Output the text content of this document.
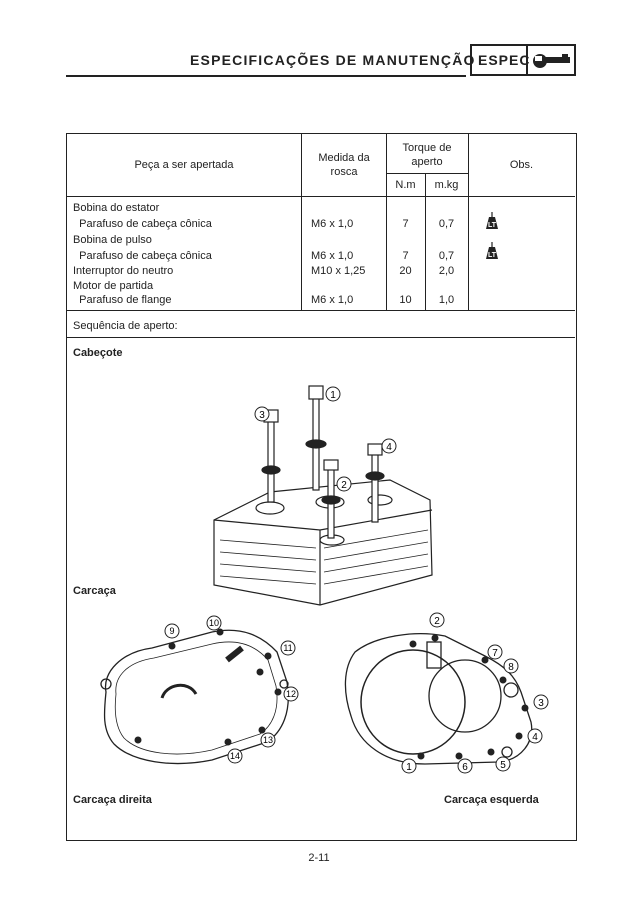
ESPECIFICAÇÕES DE MANUTENÇÃO ESPEC
Peça a ser apertada
Medida da rosca
Torque de aperto
N.m	m.kg
Obs.
Bobina do estator
Parafuso de cabeça cônica	M6 x 1,0	7	0,7	LT
Bobina de pulso
Parafuso de cabeça cônica	M6 x 1,0	7	0,7	LT
Interruptor do neutro	M10 x 1,25	20	2,0
Motor de partida
Parafuso de flange	M6 x 1,0	10	1,0
Sequência de aperto:
Cabeçote
Carcaça
Carcaça direita	Carcaça esquerda
1
2
3
4
9
10
11
12
13
14
1
2
3
4
5
6
7
8
2-11
